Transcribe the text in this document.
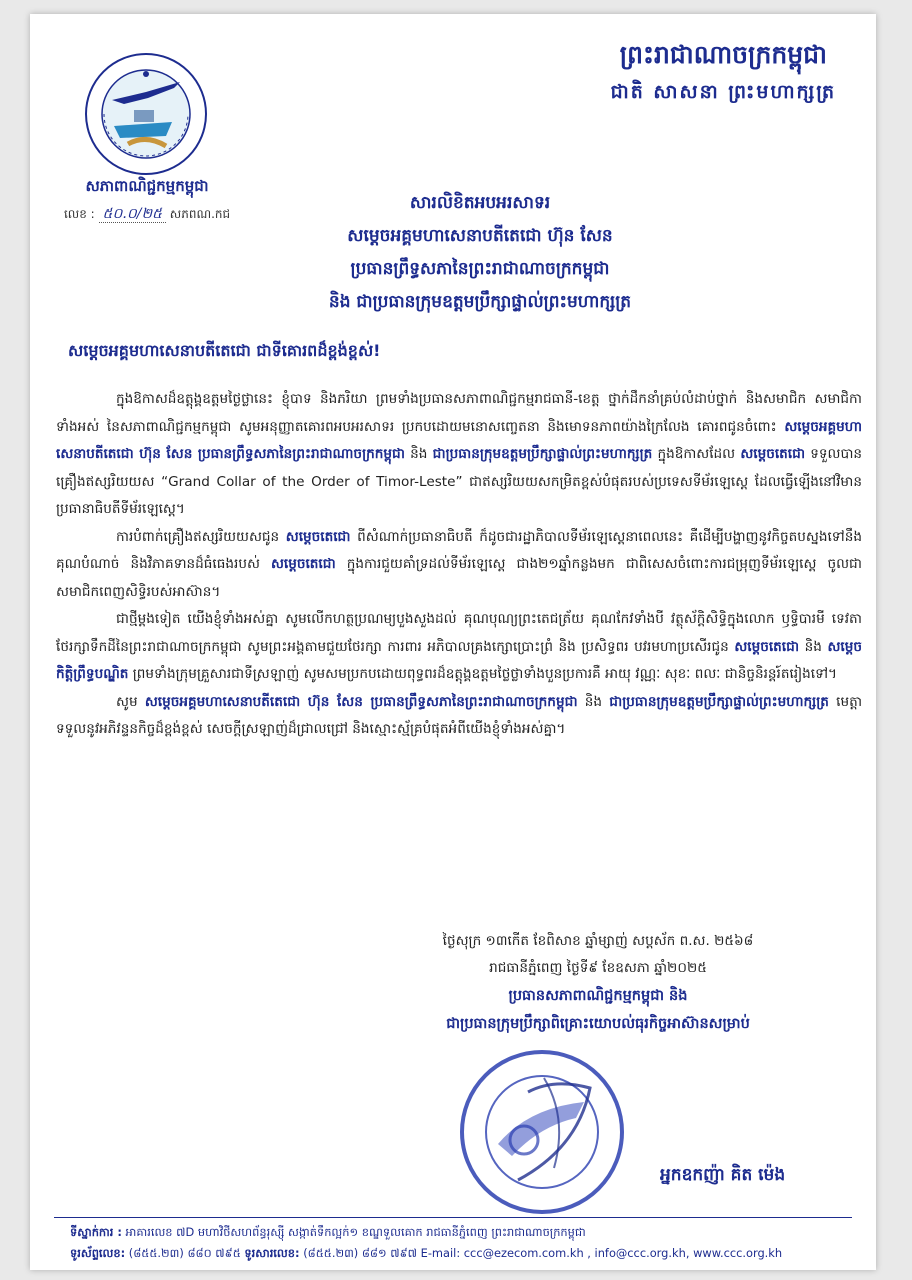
សភាពាណិជ្ជកម្មកម្ពុជា
លេខ : ៥០.០/២៥ សភពណ.កជ
ព្រះរាជាណាចក្រកម្ពុជា
ជាតិ សាសនា ព្រះមហាក្សត្រ
សារលិខិតអបអរសាទរ
សម្តេចអគ្គមហាសេនាបតីតេជោ ហ៊ុន សែន
ប្រធានព្រឹទ្ធសភានៃព្រះរាជាណាចក្រកម្ពុជា
និង ជាប្រធានក្រុមឧត្តមប្រឹក្សាផ្ទាល់ព្រះមហាក្សត្រ
សម្តេចអគ្គមហាសេនាបតីតេជោ ជាទីគោរពដ៏ខ្ពង់ខ្ពស់!

ក្នុងឱកាសដ៏ឧត្តុង្គឧត្តមថ្ងៃថ្លានេះ ខ្ញុំបាទ និងភរិយា ព្រមទាំងប្រធានសភាពាណិជ្ជកម្មរាជធានី-ខេត្ត ថ្នាក់ដឹកនាំគ្រប់លំដាប់ថ្នាក់ និងសមាជិក សមាជិកា ទាំងអស់ នៃសភាពាណិជ្ជកម្មកម្ពុជា សូមអនុញ្ញាតគោរពអបអរសាទរ ប្រកបដោយមនោសញ្ចេតនា និងមោទនភាពយ៉ាងក្រៃលែង គោរពជូនចំពោះ សម្តេចអគ្គមហាសេនាបតីតេជោ ហ៊ុន សែន ប្រធានព្រឹទ្ធសភានៃព្រះរាជាណាចក្រកម្ពុជា និង ជាប្រធានក្រុមឧត្តមប្រឹក្សាផ្ទាល់ព្រះមហាក្សត្រ ក្នុងឱកាសដែល សម្តេចតេជោ ទទួលបានគ្រឿងឥស្សរិយយស “Grand Collar of the Order of Timor-Leste” ជាឥស្សរិយយសកម្រិតខ្ពស់បំផុតរបស់ប្រទេសទីម័រឡេស្តេ ដែលធ្វើឡើងនៅវិមានប្រធានាធិបតីទីម័រឡេស្តេ។

ការបំពាក់គ្រឿងឥស្សរិយយសជូន សម្តេចតេជោ ពីសំណាក់ប្រធានាធិបតី ក៏ដូចជារដ្ឋាភិបាលទីម័រឡេស្តេនាពេលនេះ គឺដើម្បីបង្ហាញនូវកិច្ចតបស្នងទៅនឹងគុណបំណាច់ និងវិភាគទានដ៏ធំធេងរបស់ សម្តេចតេជោ ក្នុងការជួយគាំទ្រដល់ទីម័រឡេស្តេ ជាង២១ឆ្នាំកន្លងមក ជាពិសេសចំពោះការជម្រុញទីម័រឡេស្តេ ចូលជាសមាជិកពេញសិទ្ធិរបស់អាស៊ាន។

ជាថ្មីម្តងទៀត យើងខ្ញុំទាំងអស់គ្នា សូមលើកហត្ថប្រណម្យបួងសួងដល់ គុណបុណ្យព្រះតេជត្រ័យ គុណកែវទាំងបី វត្ថុស័ក្តិសិទ្ធិក្នុងលោក ឫទ្ធិបារមី ទេវតាថែរក្សាទឹកដីនៃព្រះរាជាណាចក្រកម្ពុជា សូមព្រះអង្គតាមជួយថែរក្សា ការពារ អភិបាលគ្រងក្សោប្រោះព្រំ និង ប្រសិទ្ធពរ បវរមហាប្រសើរជូន សម្តេចតេជោ និង សម្តេចកិត្តិព្រឹទ្ធបណ្ឌិត ព្រមទាំងក្រុមគ្រួសារជាទីស្រឡាញ់ សូមសមប្រកបដោយពុទ្ធពរដ៏ឧត្តុង្គឧត្តមថ្លៃថ្លាទាំងបួនប្រការគឺ អាយុ វណ្ណៈ សុខៈ ពលៈ ជានិច្ចនិរន្តរ៍តរៀងទៅ។

សូម សម្តេចអគ្គមហាសេនាបតីតេជោ ហ៊ុន សែន ប្រធានព្រឹទ្ធសភានៃព្រះរាជាណាចក្រកម្ពុជា និង ជាប្រធានក្រុមឧត្តមប្រឹក្សាផ្ទាល់ព្រះមហាក្សត្រ មេត្តាទទួលនូវអភិវន្ទនកិច្ចដ៏ខ្ពង់ខ្ពស់ សេចក្តីស្រឡាញ់ដ៏ជ្រាលជ្រៅ និងស្មោះស្ម័គ្របំផុតអំពីយើងខ្ញុំទាំងអស់គ្នា។

ថ្ងៃសុក្រ ១៣កើត ខែពិសាខ ឆ្នាំម្សាញ់ សប្តស័ក ព.ស. ២៥៦៨
រាជធានីភ្នំពេញ ថ្ងៃទី៩ ខែឧសភា ឆ្នាំ២០២៥
ប្រធានសភាពាណិជ្ជកម្មកម្ពុជា និង
ជាប្រធានក្រុមប្រឹក្សាពិគ្រោះយោបល់ធុរកិច្ចអាស៊ានសម្រាប់
អ្នកឧកញ៉ា គិត ម៉េង
ទីស្នាក់ការ : អាគារលេខ ៧D មហាវិថីសហព័ន្ធរុស្ស៊ី សង្កាត់ទឹកល្អក់១ ខណ្ឌទួលគោក រាជធានីភ្នំពេញ ព្រះរាជាណាចក្រកម្ពុជា
ទូរស័ព្ទលេខ: (៨៥៥.២៣) ៨៨០ ៧៩៥ ទូរសារលេខ: (៨៥៥.២៣) ៨៨១ ៧៩៧ E-mail: ccc@ezecom.com.kh , info@ccc.org.kh, www.ccc.org.kh
